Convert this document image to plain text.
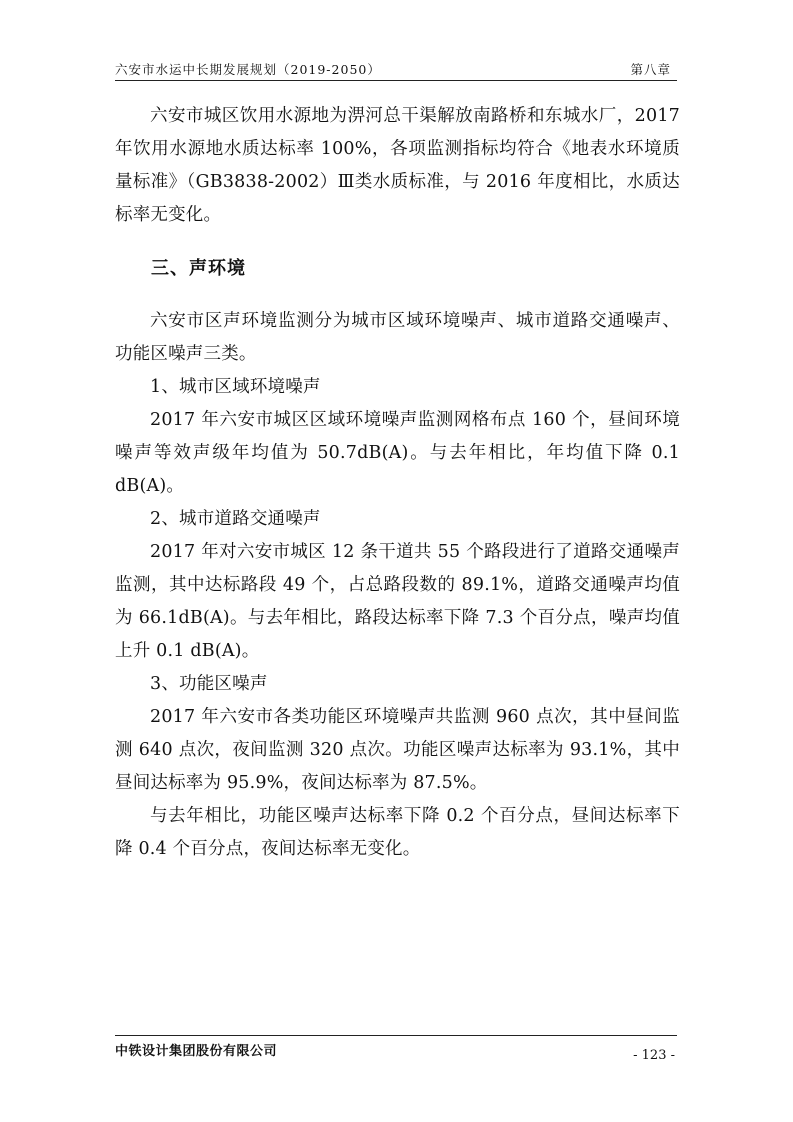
六安市水运中长期发展规划（2019-2050）	第八章

六安市城区饮用水源地为淠河总干渠解放南路桥和东城水厂，2017 年饮用水源地水质达标率 100%，各项监测指标均符合《地表水环境质量标准》（GB3838-2002）Ⅲ类水质标准，与 2016 年度相比，水质达标率无变化。

三、声环境

六安市区声环境监测分为城市区域环境噪声、城市道路交通噪声、功能区噪声三类。

1、城市区域环境噪声

2017 年六安市城区区域环境噪声监测网格布点 160 个，昼间环境噪声等效声级年均值为 50.7dB(A)。与去年相比，年均值下降 0.1 dB(A)。

2、城市道路交通噪声

2017 年对六安市城区 12 条干道共 55 个路段进行了道路交通噪声监测，其中达标路段 49 个，占总路段数的 89.1%，道路交通噪声均值为 66.1dB(A)。与去年相比，路段达标率下降 7.3 个百分点，噪声均值上升 0.1 dB(A)。

3、功能区噪声

2017 年六安市各类功能区环境噪声共监测 960 点次，其中昼间监测 640 点次，夜间监测 320 点次。功能区噪声达标率为 93.1%，其中昼间达标率为 95.9%，夜间达标率为 87.5%。

与去年相比，功能区噪声达标率下降 0.2 个百分点，昼间达标率下降 0.4 个百分点，夜间达标率无变化。

中铁设计集团股份有限公司	- 123 -
